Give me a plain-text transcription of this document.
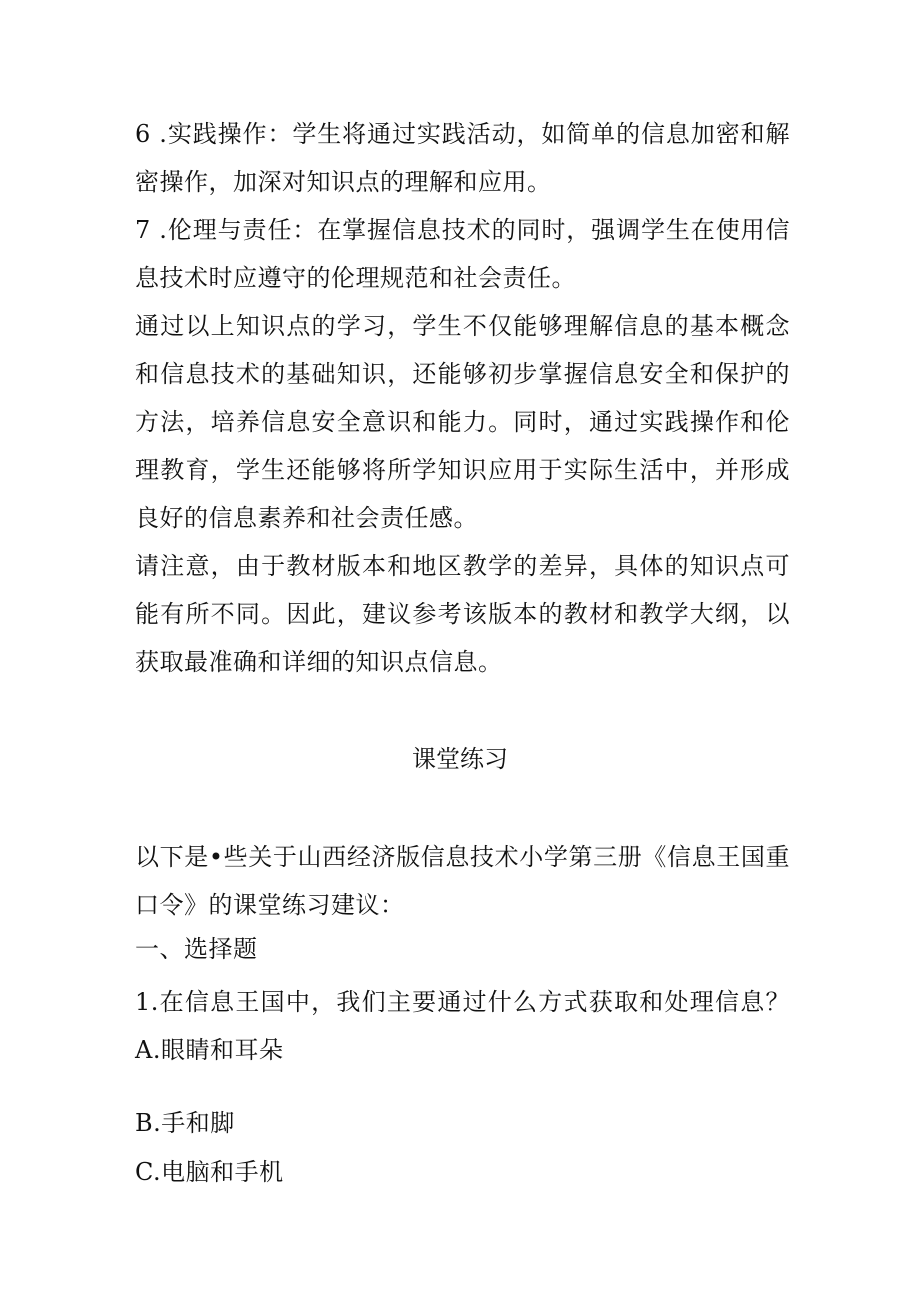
6 .实践操作：学生将通过实践活动，如简单的信息加密和解密操作，加深对知识点的理解和应用。

7 .伦理与责任：在掌握信息技术的同时，强调学生在使用信息技术时应遵守的伦理规范和社会责任。

通过以上知识点的学习，学生不仅能够理解信息的基本概念和信息技术的基础知识，还能够初步掌握信息安全和保护的方法，培养信息安全意识和能力。同时，通过实践操作和伦理教育，学生还能够将所学知识应用于实际生活中，并形成良好的信息素养和社会责任感。

请注意，由于教材版本和地区教学的差异，具体的知识点可能有所不同。因此，建议参考该版本的教材和教学大纲，以获取最准确和详细的知识点信息。

课堂练习

以下是•些关于山西经济版信息技术小学第三册《信息王国重口令》的课堂练习建议：

一、选择题

1.在信息王国中，我们主要通过什么方式获取和处理信息？A.眼睛和耳朵

B.手和脚

C.电脑和手机
